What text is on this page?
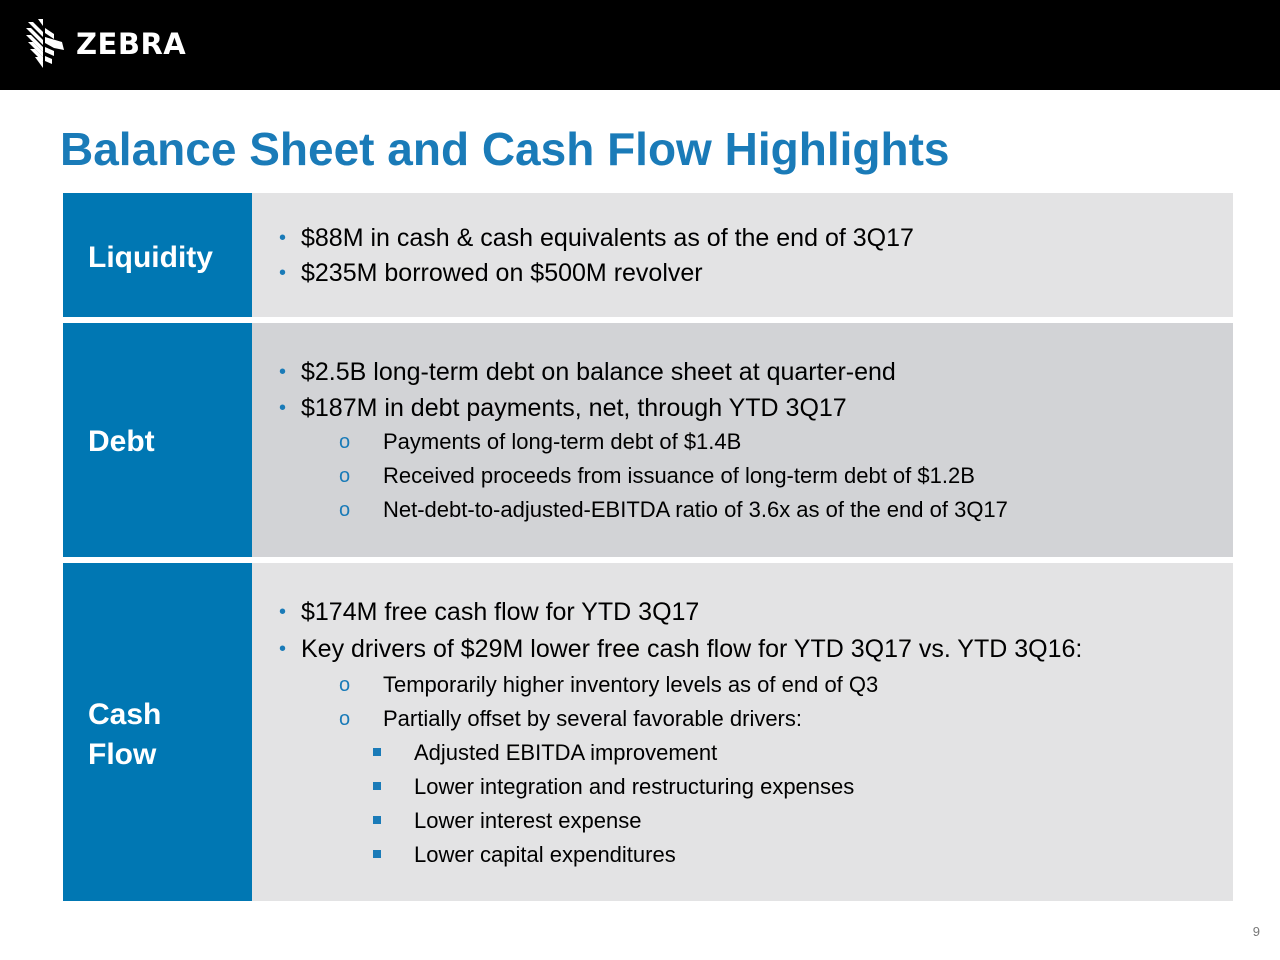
ZEBRA
Balance Sheet and Cash Flow Highlights
Liquidity
• $88M in cash & cash equivalents as of the end of 3Q17
• $235M borrowed on $500M revolver
Debt
• $2.5B long-term debt on balance sheet at quarter-end
• $187M in debt payments, net, through YTD 3Q17
o Payments of long-term debt of $1.4B
o Received proceeds from issuance of long-term debt of $1.2B
o Net-debt-to-adjusted-EBITDA ratio of 3.6x as of the end of 3Q17
Cash
Flow
• $174M free cash flow for YTD 3Q17
• Key drivers of $29M lower free cash flow for YTD 3Q17 vs. YTD 3Q16:
o Temporarily higher inventory levels as of end of Q3
o Partially offset by several favorable drivers:
Adjusted EBITDA improvement
Lower integration and restructuring expenses
Lower interest expense
Lower capital expenditures
9
